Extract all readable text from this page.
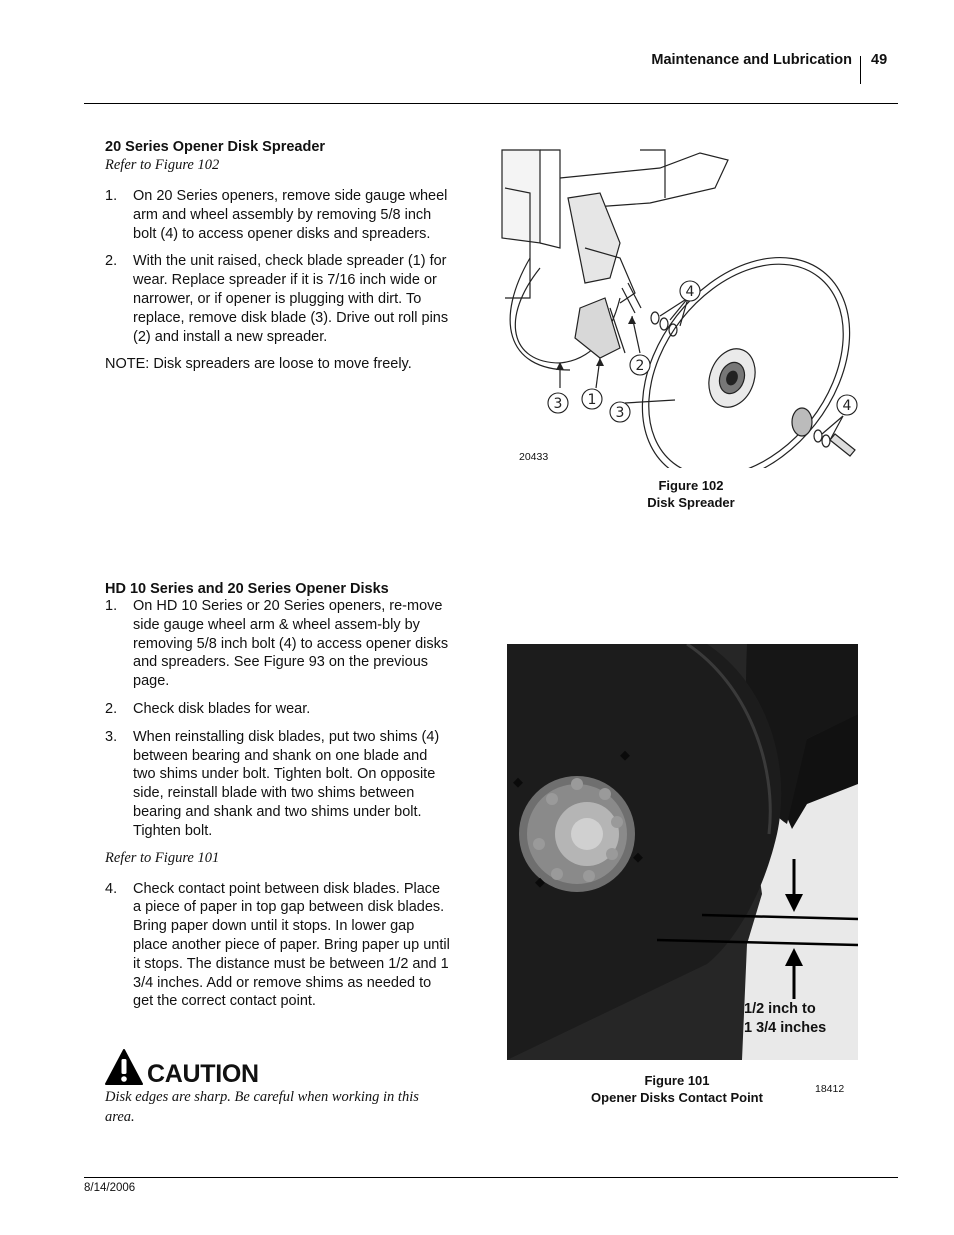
Maintenance and Lubrication 49
20 Series Opener Disk Spreader
Refer to Figure 102
1. On 20 Series openers, remove side gauge wheel arm and wheel assembly by removing 5/8 inch bolt (4) to access opener disks and spreaders.
2. With the unit raised, check blade spreader (1) for wear. Replace spreader if it is 7/16 inch wide or narrower, or if opener is plugging with dirt. To replace, remove disk blade (3). Drive out roll pins (2) and install a new spreader.
NOTE: Disk spreaders are loose to move freely.
4
4
2
1
3
3
20433
Figure 102
Disk Spreader
HD 10 Series and 20 Series Opener Disks
1. On HD 10 Series or 20 Series openers, re-move side gauge wheel arm & wheel assem-bly by removing 5/8 inch bolt (4) to access opener disks and spreaders. See Figure 93 on the previous page.
2. Check disk blades for wear.
3. When reinstalling disk blades, put two shims (4) between bearing and shank on one blade and two shims under bolt. Tighten bolt. On opposite side, reinstall blade with two shims between bearing and shank and two shims under bolt. Tighten bolt.
Refer to Figure 101
4. Check contact point between disk blades. Place a piece of paper in top gap between disk blades. Bring paper down until it stops. In lower gap place another piece of paper. Bring paper up until it stops. The distance must be between 1/2 and 1 3/4 inches. Add or remove shims as needed to get the correct contact point.	1/2 inch to
1 3/4 inches
Figure 101
Opener Disks Contact Point
18412
CAUTION
Disk edges are sharp. Be careful when working in this area.
8/14/2006
